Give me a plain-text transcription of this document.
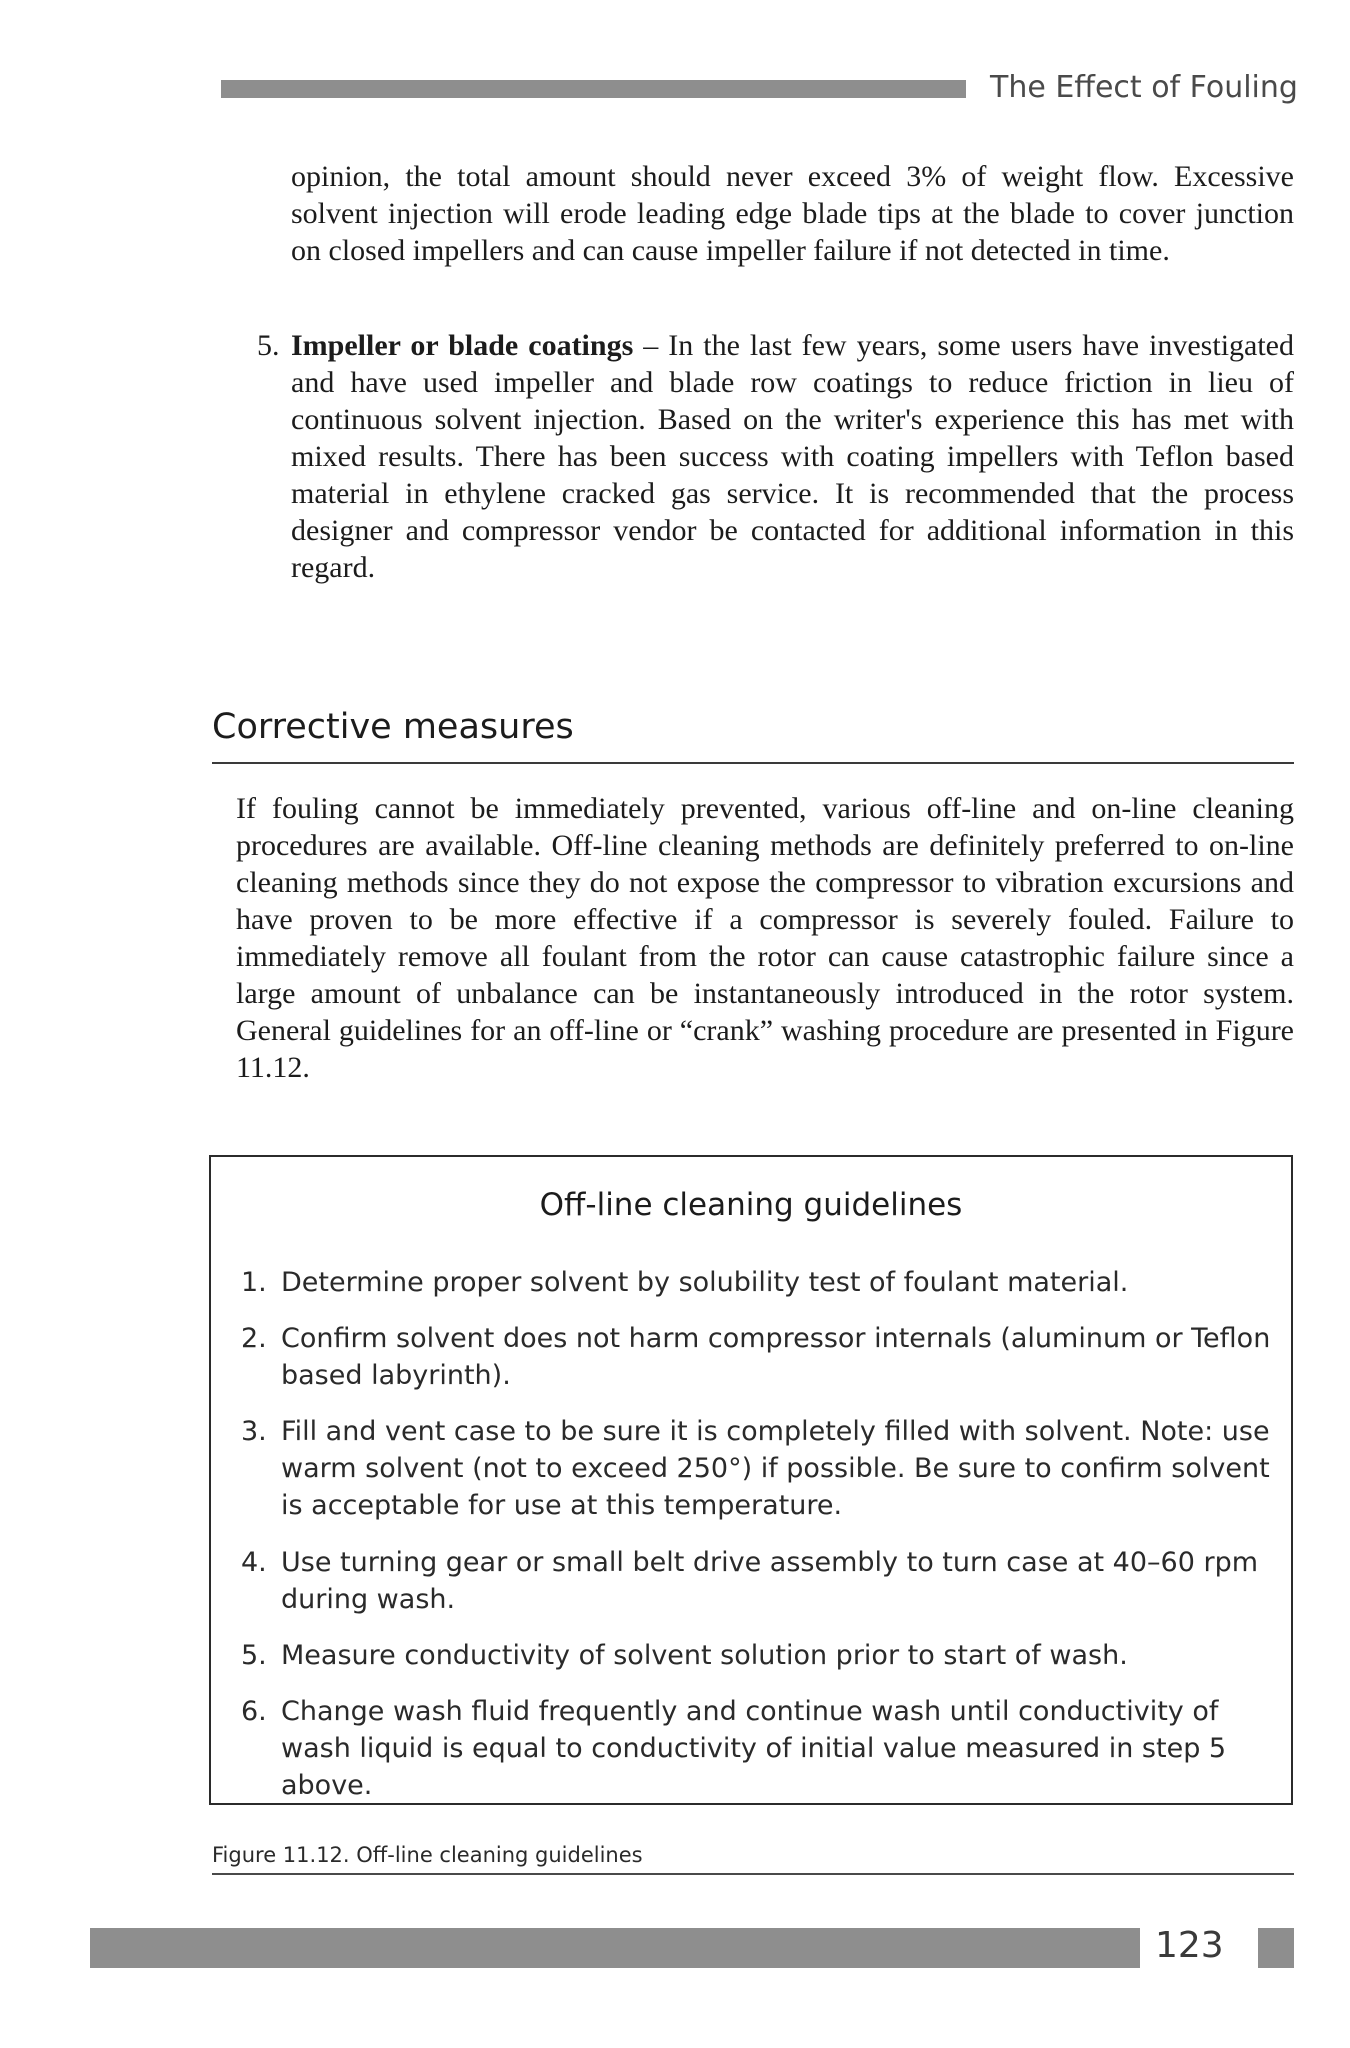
The Effect of Fouling

opinion, the total amount should never exceed 3% of weight flow. Excessive solvent injection will erode leading edge blade tips at the blade to cover junction on closed impellers and can cause impeller failure if not detected in time.

5. Impeller or blade coatings – In the last few years, some users have investigated and have used impeller and blade row coatings to reduce friction in lieu of continuous solvent injection. Based on the writer's experience this has met with mixed results. There has been success with coating impellers with Teflon based material in ethylene cracked gas service. It is recommended that the process designer and compressor vendor be contacted for additional information in this regard.

Corrective measures

If fouling cannot be immediately prevented, various off-line and on-line cleaning procedures are available. Off-line cleaning methods are definitely preferred to on-line cleaning methods since they do not expose the compressor to vibration excursions and have proven to be more effective if a compressor is severely fouled. Failure to immediately remove all foulant from the rotor can cause catastrophic failure since a large amount of unbalance can be instantaneously introduced in the rotor system. General guidelines for an off-line or “crank” washing procedure are presented in Figure 11.12.

Off-line cleaning guidelines
1. Determine proper solvent by solubility test of foulant material.
2. Confirm solvent does not harm compressor internals (aluminum or Teflon based labyrinth).
3. Fill and vent case to be sure it is completely filled with solvent. Note: use warm solvent (not to exceed 250°) if possible. Be sure to confirm solvent is acceptable for use at this temperature.
4. Use turning gear or small belt drive assembly to turn case at 40–60 rpm during wash.
5. Measure conductivity of solvent solution prior to start of wash.
6. Change wash fluid frequently and continue wash until conductivity of wash liquid is equal to conductivity of initial value measured in step 5 above.
Figure 11.12. Off-line cleaning guidelines
123
